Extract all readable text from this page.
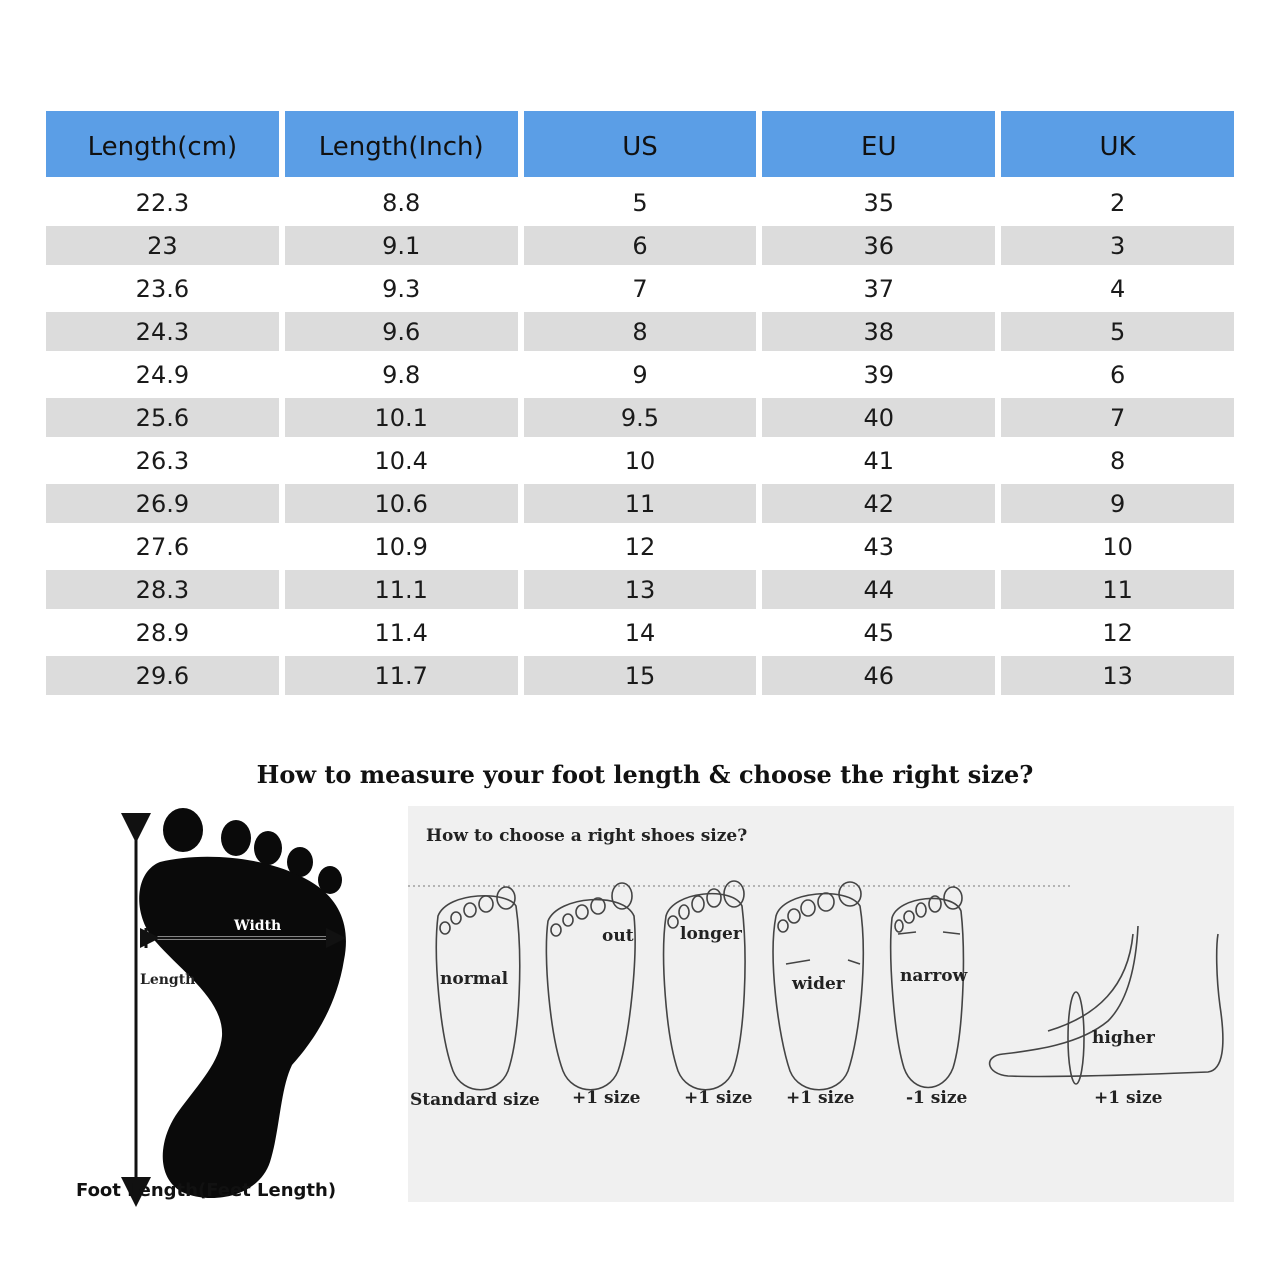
Length(cm)	Length(Inch)	US	EU	UK
22.3	8.8	5	35	2
23	9.1	6	36	3
23.6	9.3	7	37	4
24.3	9.6	8	38	5
24.9	9.8	9	39	6
25.6	10.1	9.5	40	7
26.3	10.4	10	41	8
26.9	10.6	11	42	9
27.6	10.9	12	43	10
28.3	11.1	13	44	11
28.9	11.4	14	45	12
29.6	11.7	15	46	13
How to measure your foot length & choose the right size?
Width
Length
Foot Length(Feet Length)
How to choose a right shoes size?
normal
out	longer
wider	narrow
higher
Standard size +1 size	+1 size +1 size	-1 size	+1 size
